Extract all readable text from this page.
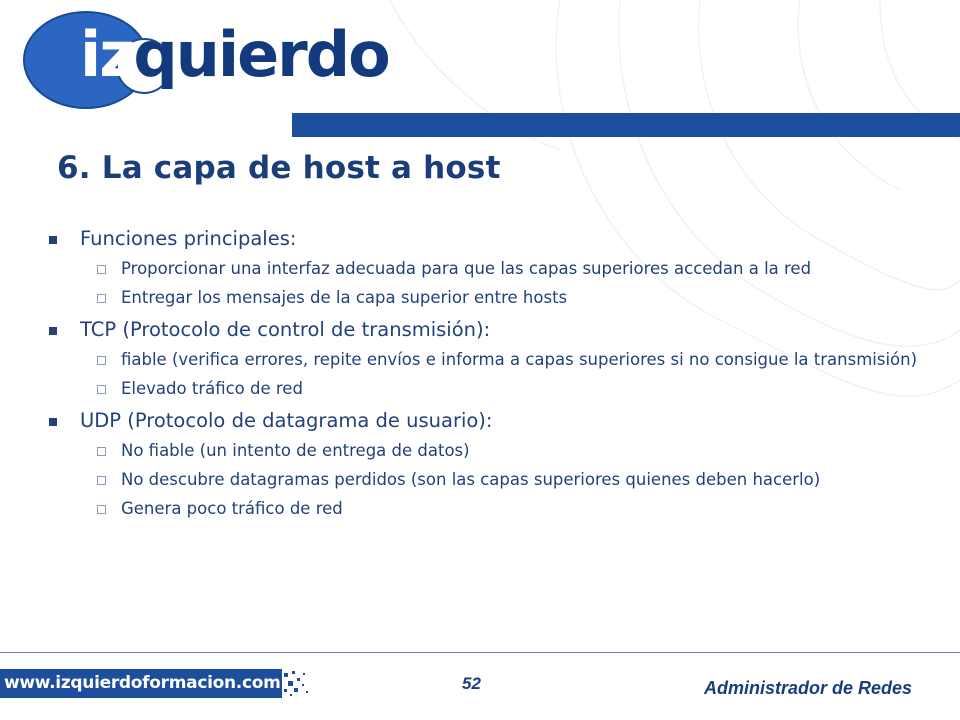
izquierdo
6. La capa de host a host
Funciones principales:
Proporcionar una interfaz adecuada para que las capas superiores accedan a la red
Entregar los mensajes de la capa superior entre hosts
TCP (Protocolo de control de transmisión):
fiable (verifica errores, repite envíos e informa a capas superiores si no consigue la transmisión)
Elevado tráfico de red
UDP (Protocolo de datagrama de usuario):
No fiable (un intento de entrega de datos)
No descubre datagramas perdidos (son las capas superiores quienes deben hacerlo)
Genera poco tráfico de red
www.izquierdoformacion.com	52	Administrador de Redes
